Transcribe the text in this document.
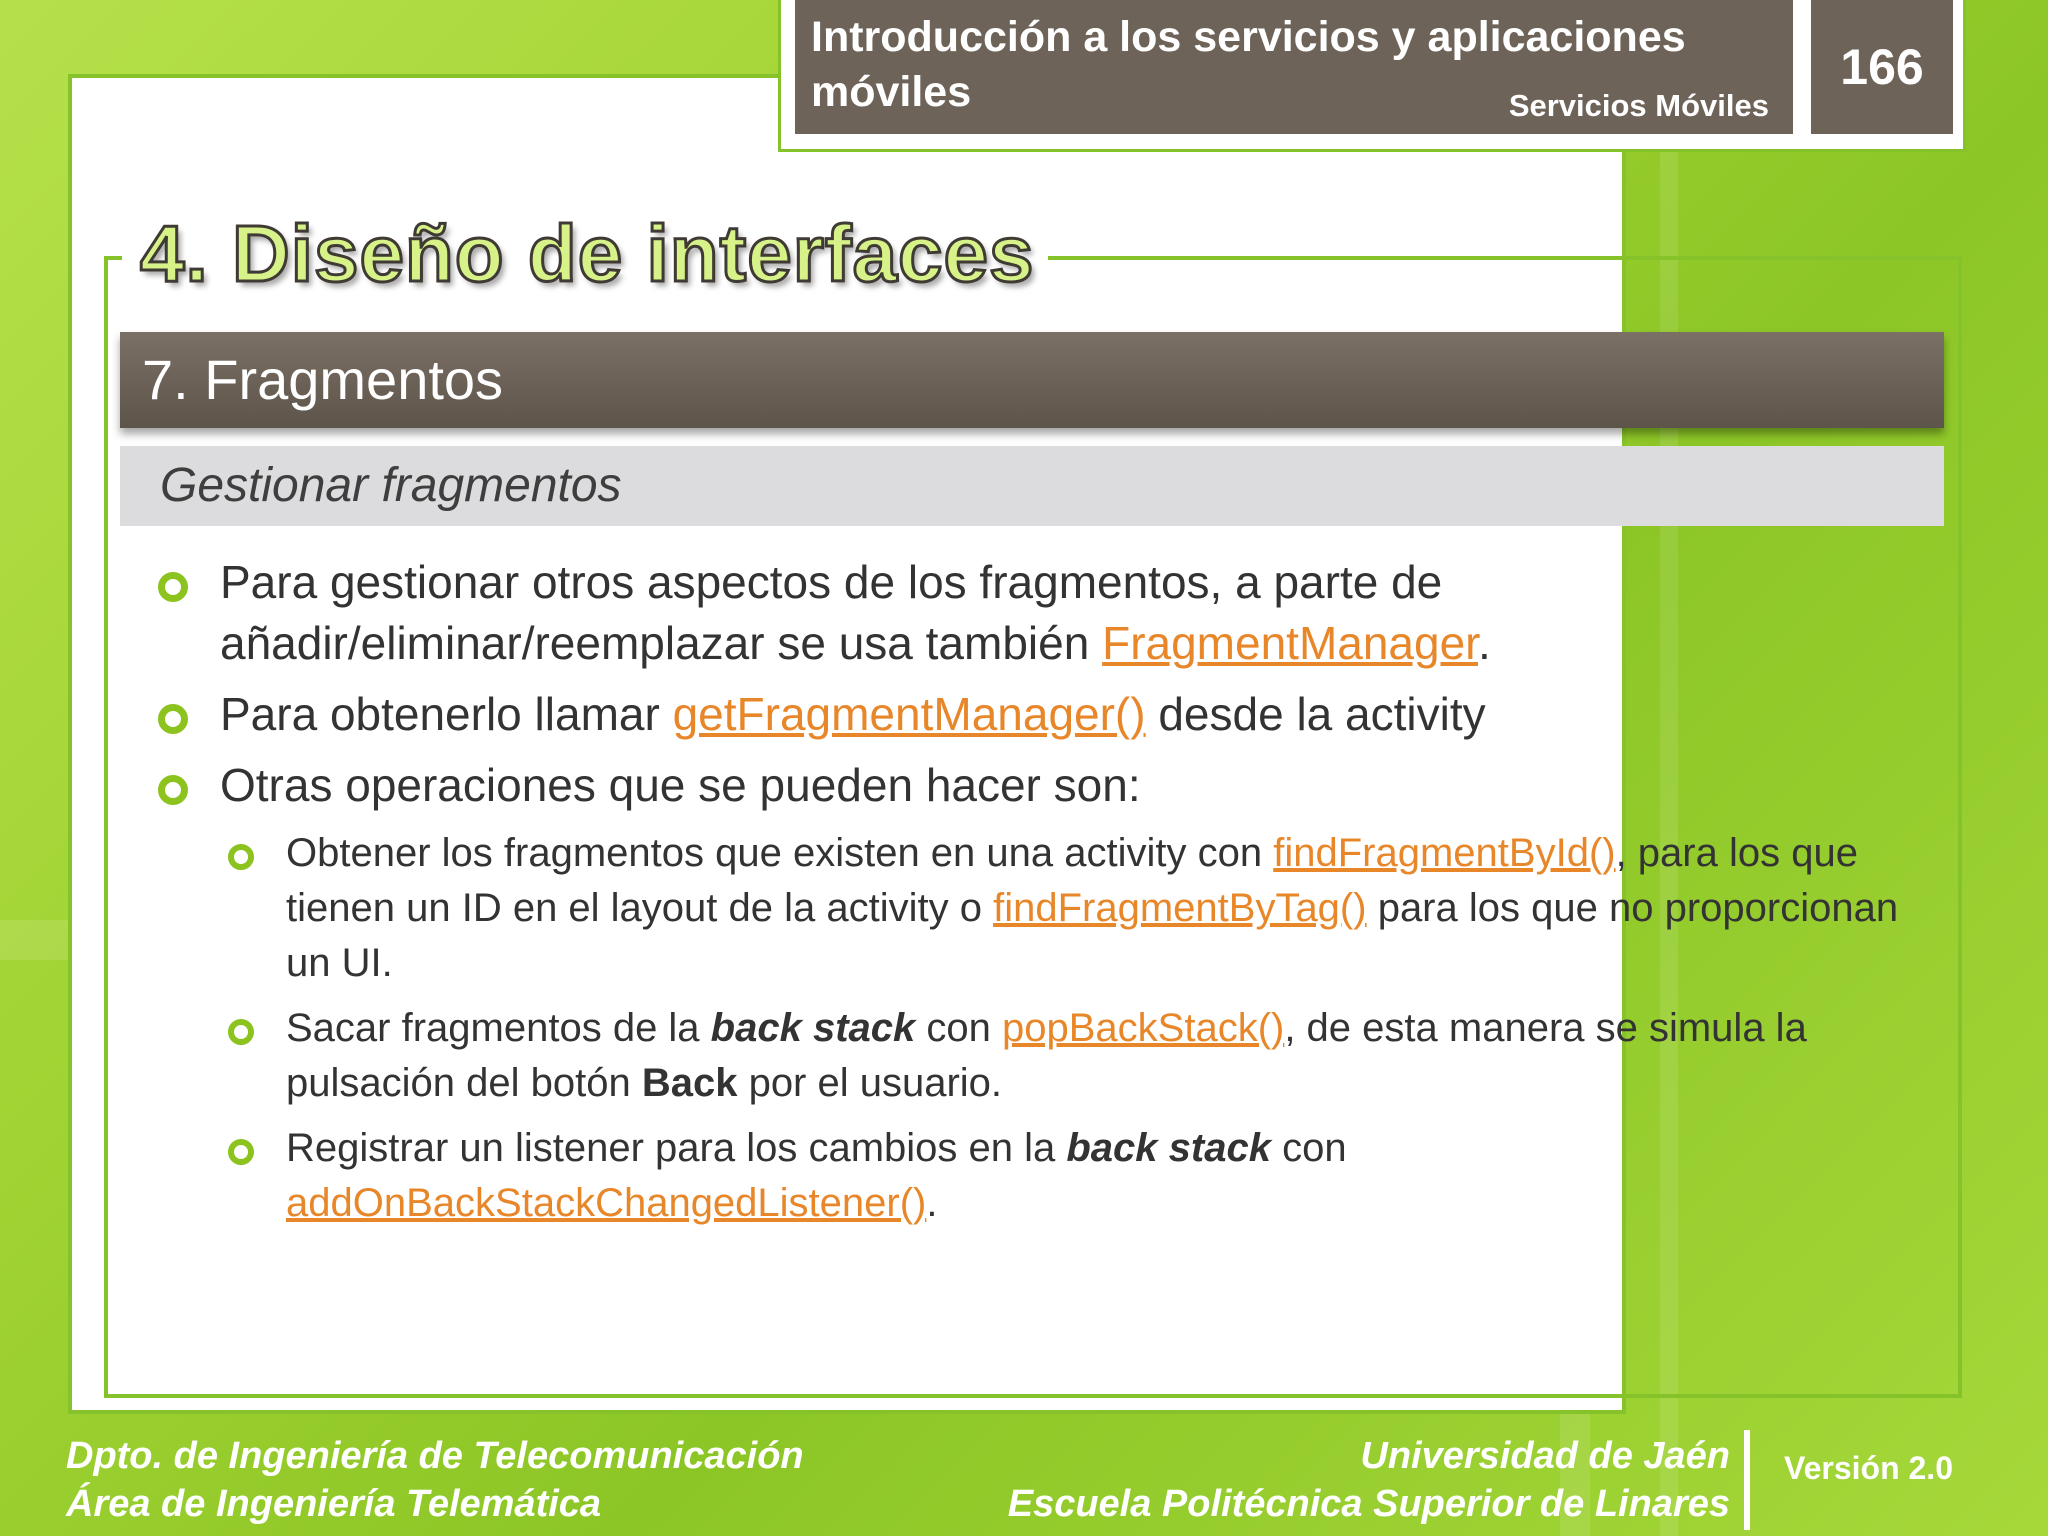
Introducción a los servicios y aplicaciones móviles	Servicios Móviles
166
4. Diseño de interfaces
7. Fragmentos
Gestionar fragmentos
Para gestionar otros aspectos de los fragmentos, a parte de añadir/eliminar/reemplazar se usa también FragmentManager.
Para obtenerlo llamar getFragmentManager() desde la activity
Otras operaciones que se pueden hacer son:
Obtener los fragmentos que existen en una activity con findFragmentById(), para los que tienen un ID en el layout de la activity o findFragmentByTag() para los que no proporcionan un UI.
Sacar fragmentos de la back stack con popBackStack(), de esta manera se simula la pulsación del botón Back por el usuario.
Registrar un listener para los cambios en la back stack con addOnBackStackChangedListener().
Dpto. de Ingeniería de Telecomunicación
Área de Ingeniería Telemática
Universidad de Jaén
Escuela Politécnica Superior de Linares
Versión 2.0
